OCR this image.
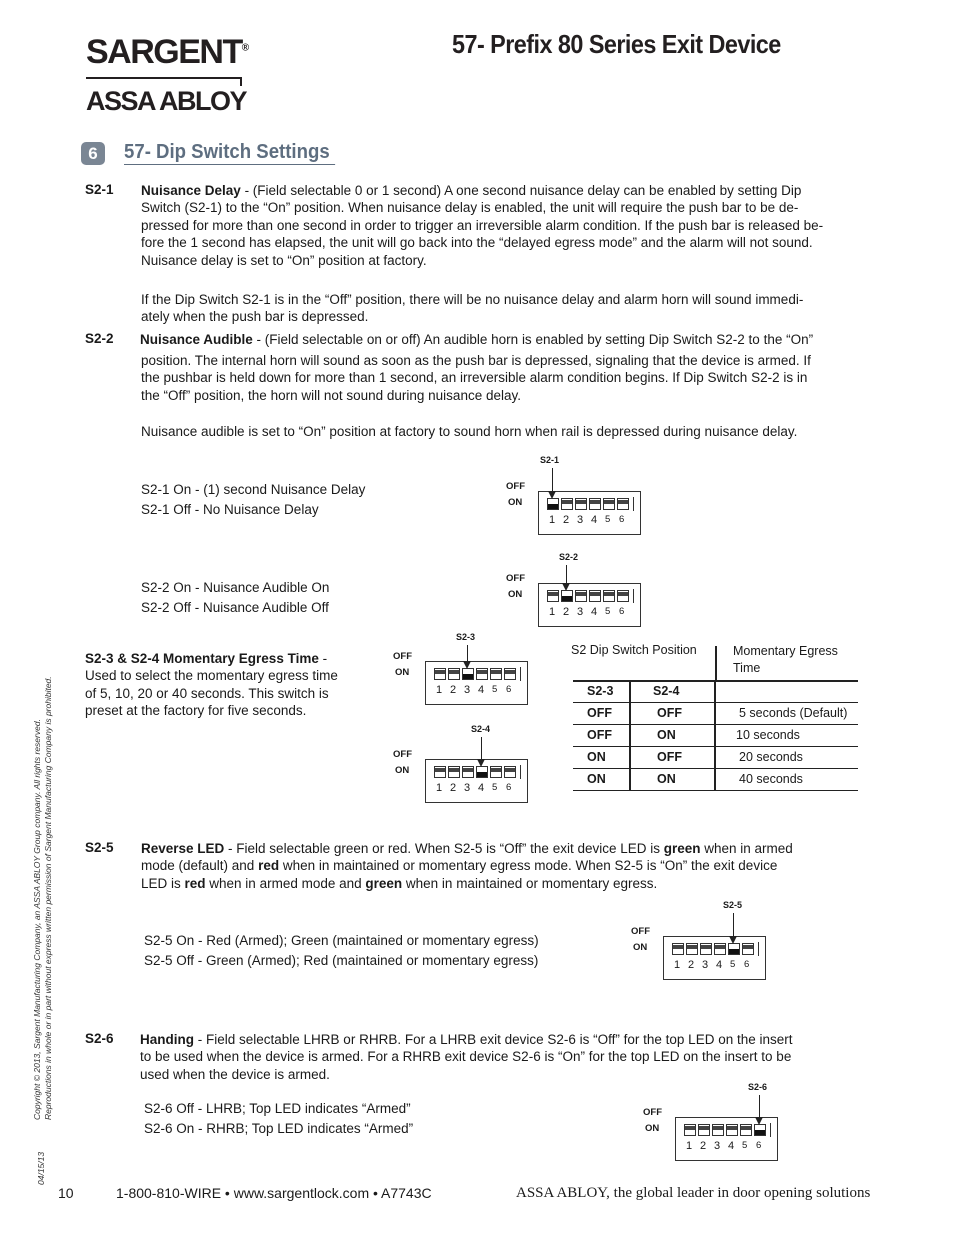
SARGENT®
ASSA ABLOY
57- Prefix 80 Series Exit Device
6	57- Dip Switch Settings
S2-1 Nuisance Delay - (Field selectable 0 or 1 second) A one second nuisance delay can be enabled by setting Dip
Switch (S2-1) to the “On” position. When nuisance delay is enabled, the unit will require the push bar to be de-
pressed for more than one second in order to trigger an irreversible alarm condition. If the push bar is released be-
fore the 1 second has elapsed, the unit will go back into the “delayed egress mode” and the alarm will not sound.
Nuisance delay is set to “On” position at factory.
If the Dip Switch S2-1 is in the “Off” position, there will be no nuisance delay and alarm horn will sound immedi-
ately when the push bar is depressed.
S2-2 Nuisance Audible - (Field selectable on or off) An audible horn is enabled by setting Dip Switch S2-2 to the “On”
position. The internal horn will sound as soon as the push bar is depressed, signaling that the device is armed. If
the pushbar is held down for more than 1 second, an irreversible alarm condition begins. If Dip Switch S2-2 is in
the “Off” position, the horn will not sound during nuisance delay.
Nuisance audible is set to “On” position at factory to sound horn when rail is depressed during nuisance delay.
S2-1 On - (1) second Nuisance Delay
S2-1 Off - No Nuisance Delay
S2-2 On - Nuisance Audible On
S2-2 Off - Nuisance Audible Off
S2-3 & S2-4 Momentary Egress Time -
Used to select the momentary egress time
of 5, 10, 20 or 40 seconds. This switch is
preset at the factory for five seconds.
S2 Dip Switch Position	Momentary Egress
Time
S2-3	S2-4
OFF	OFF	5 seconds (Default)
OFF	ON	10 seconds
ON	OFF	20 seconds
ON	ON	40 seconds
S2-5 Reverse LED - Field selectable green or red. When S2-5 is “Off” the exit device LED is green when in armed
mode (default) and red when in maintained or momentary egress mode. When S2-5 is “On” the exit device
LED is red when in armed mode and green when in maintained or momentary egress.
S2-5 On - Red (Armed); Green (maintained or momentary egress)
S2-5 Off - Green (Armed); Red (maintained or momentary egress)
S2-6 Handing - Field selectable LHRB or RHRB. For a LHRB exit device S2-6 is “Off” for the top LED on the insert
to be used when the device is armed. For a RHRB exit device S2-6 is “On” for the top LED on the insert to be
used when the device is armed.
S2-6 Off - LHRB; Top LED indicates “Armed”
S2-6 On - RHRB; Top LED indicates “Armed”
S2-1
OFF
ON
1 2 3 4 5 6
S2-2
OFF
ON
1 2 3 4 5 6
S2-3
OFF
ON
1 2 3 4 5 6
S2-4
OFF
ON
1 2 3 4 5 6
S2-5
OFF
ON
1 2 3 4 5 6
S2-6
OFF
ON
1 2 3 4 5 6
Copyright © 2013, Sargent Manufacturing Company, an ASSA ABLOY Group company. All rights reserved. Reproductions in whole or in part without express written permission of Sargent Manufacturing Company is prohibited.
04/15/13
10	1-800-810-WIRE • www.sargentlock.com • A7743C	ASSA ABLOY, the global leader in door opening solutions
